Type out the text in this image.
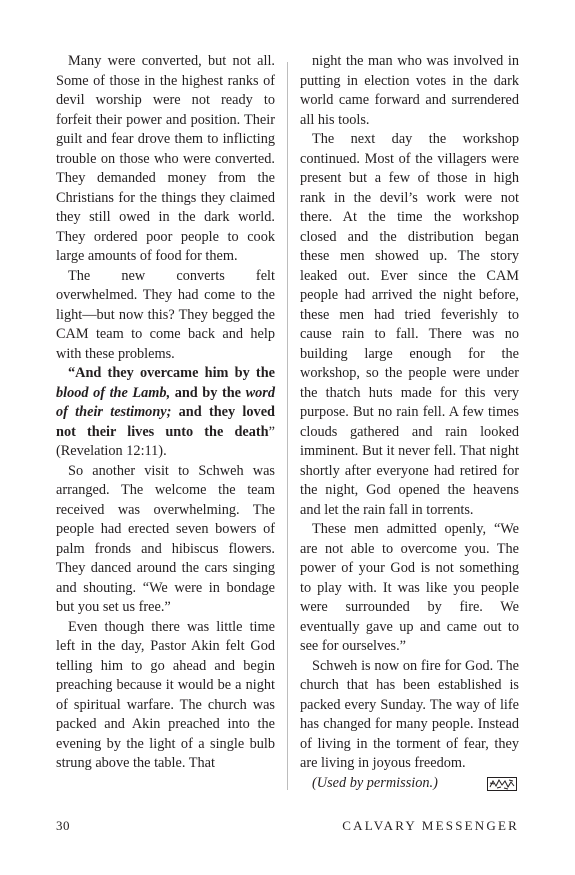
Many were converted, but not all. Some of those in the highest ranks of devil worship were not ready to forfeit their power and position. Their guilt and fear drove them to inflicting trouble on those who were converted. They demanded money from the Christians for the things they claimed they still owed in the dark world. They ordered poor people to cook large amounts of food for them.

The new converts felt overwhelmed. They had come to the light—but now this? They begged the CAM team to come back and help with these problems.

“And they overcame him by the blood of the Lamb, and by the word of their testimony; and they loved not their lives unto the death” (Revelation 12:11).

So another visit to Schweh was arranged. The welcome the team received was overwhelming. The people had erected seven bowers of palm fronds and hibiscus flowers. They danced around the cars singing and shouting. “We were in bondage but you set us free.”

Even though there was little time left in the day, Pastor Akin felt God telling him to go ahead and begin preaching because it would be a night of spiritual warfare. The church was packed and Akin preached into the evening by the light of a single bulb strung above the table. That

night the man who was involved in putting in election votes in the dark world came forward and surrendered all his tools.

The next day the workshop continued. Most of the villagers were present but a few of those in high rank in the devil’s work were not there. At the time the workshop closed and the distribution began these men showed up. The story leaked out. Ever since the CAM people had arrived the night before, these men had tried feverishly to cause rain to fall. There was no building large enough for the workshop, so the people were under the thatch huts made for this very purpose. But no rain fell. A few times clouds gathered and rain looked imminent. But it never fell. That night shortly after everyone had retired for the night, God opened the heavens and let the rain fall in torrents.

These men admitted openly, “We are not able to overcome you. The power of your God is not something to play with. It was like you people were surrounded by fire. We eventually gave up and came out to see for ourselves.”

Schweh is now on fire for God. The church that has been established is packed every Sunday. The way of life has changed for many people. Instead of living in the torment of fear, they are living in joyous freedom.

(Used by permission.)

30	CALVARY MESSENGER
